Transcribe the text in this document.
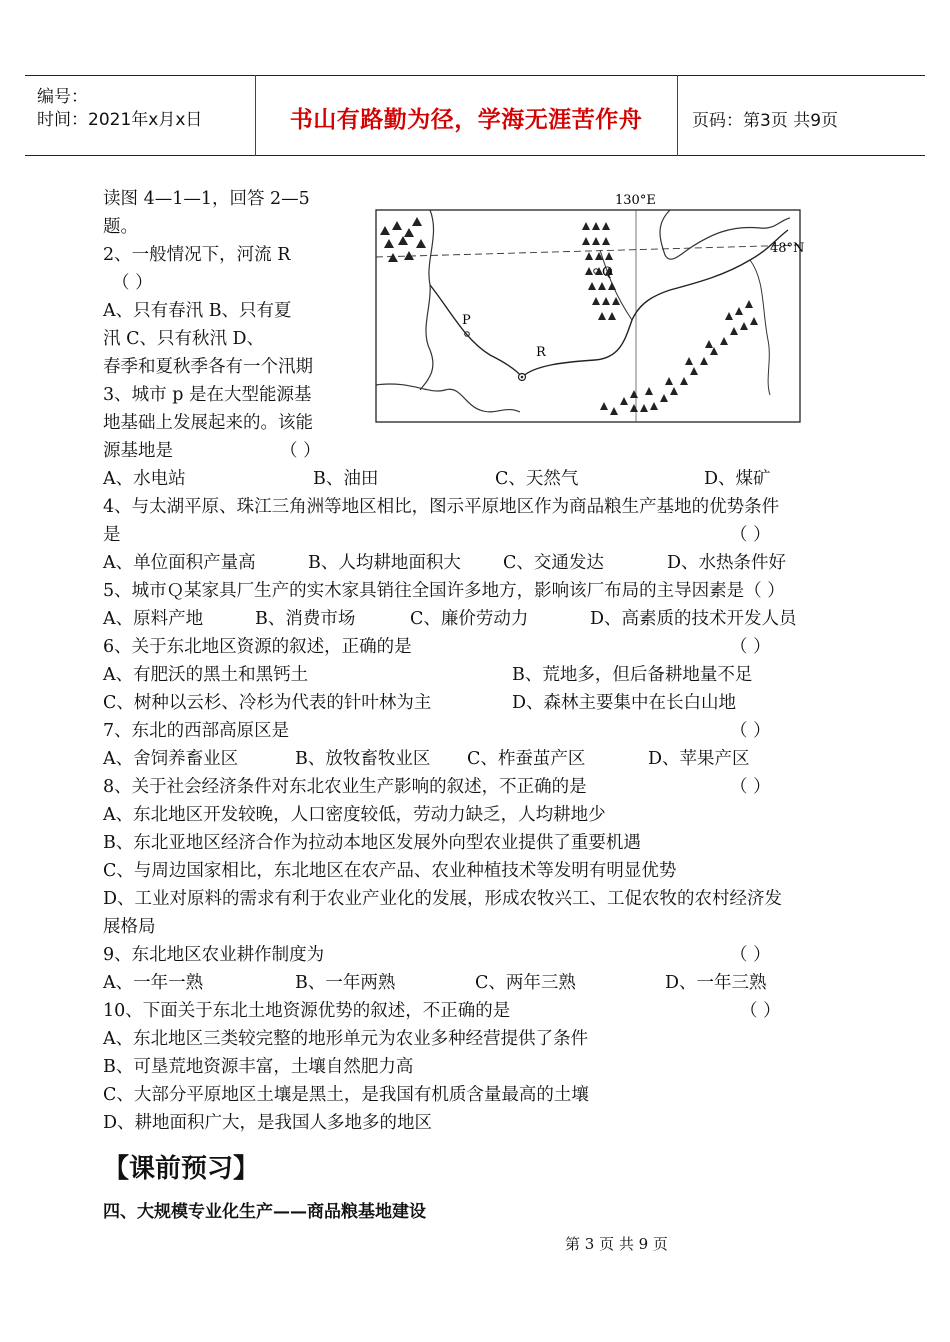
编号：
时间：2021年x月x日	书山有路勤为径，学海无涯苦作舟	页码：第3页 共9页
130°E
48°N
P
Q
R
读图 4—1—1，回答 2—5
题。
2、一般情况下，河流 R
（ ）
A、只有春汛 B、只有夏
汛 C、只有秋汛 D、
春季和夏秋季各有一个汛期
3、城市 p 是在大型能源基
地基础上发展起来的。该能
源基地是	（ ）
A、水电站	B、油田	C、天然气	D、煤矿
4、与太湖平原、珠江三角洲等地区相比，图示平原地区作为商品粮生产基地的优势条件
是	（ ）
A、单位面积产量高	B、人均耕地面积大 C、交通发达	D、水热条件好
5、城市Ｑ某家具厂生产的实木家具销往全国许多地方，影响该厂布局的主导因素是（ ）
A、原料产地	B、消费市场	C、廉价劳动力	D、高素质的技术开发人员
6、关于东北地区资源的叙述，正确的是	（ ）
A、有肥沃的黑土和黑钙土	B、荒地多，但后备耕地量不足
C、树种以云杉、冷杉为代表的针叶林为主	D、森林主要集中在长白山地
7、东北的西部高原区是	（ ）
A、舍饲养畜业区	B、放牧畜牧业区 C、柞蚕茧产区	D、苹果产区
8、关于社会经济条件对东北农业生产影响的叙述，不正确的是	（ ）
A、东北地区开发较晚，人口密度较低，劳动力缺乏，人均耕地少
B、东北亚地区经济合作为拉动本地区发展外向型农业提供了重要机遇
C、与周边国家相比，东北地区在农产品、农业种植技术等发明有明显优势
D、工业对原料的需求有利于农业产业化的发展，形成农牧兴工、工促农牧的农村经济发
展格局
9、东北地区农业耕作制度为	（ ）
A、一年一熟	B、一年两熟	C、两年三熟	D、一年三熟
10、下面关于东北土地资源优势的叙述，不正确的是	（ ）
A、东北地区三类较完整的地形单元为农业多种经营提供了条件
B、可垦荒地资源丰富，土壤自然肥力高
C、大部分平原地区土壤是黑土，是我国有机质含量最高的土壤
D、耕地面积广大，是我国人多地多的地区
【课前预习】
四、大规模专业化生产——商品粮基地建设
第 3 页 共 9 页
